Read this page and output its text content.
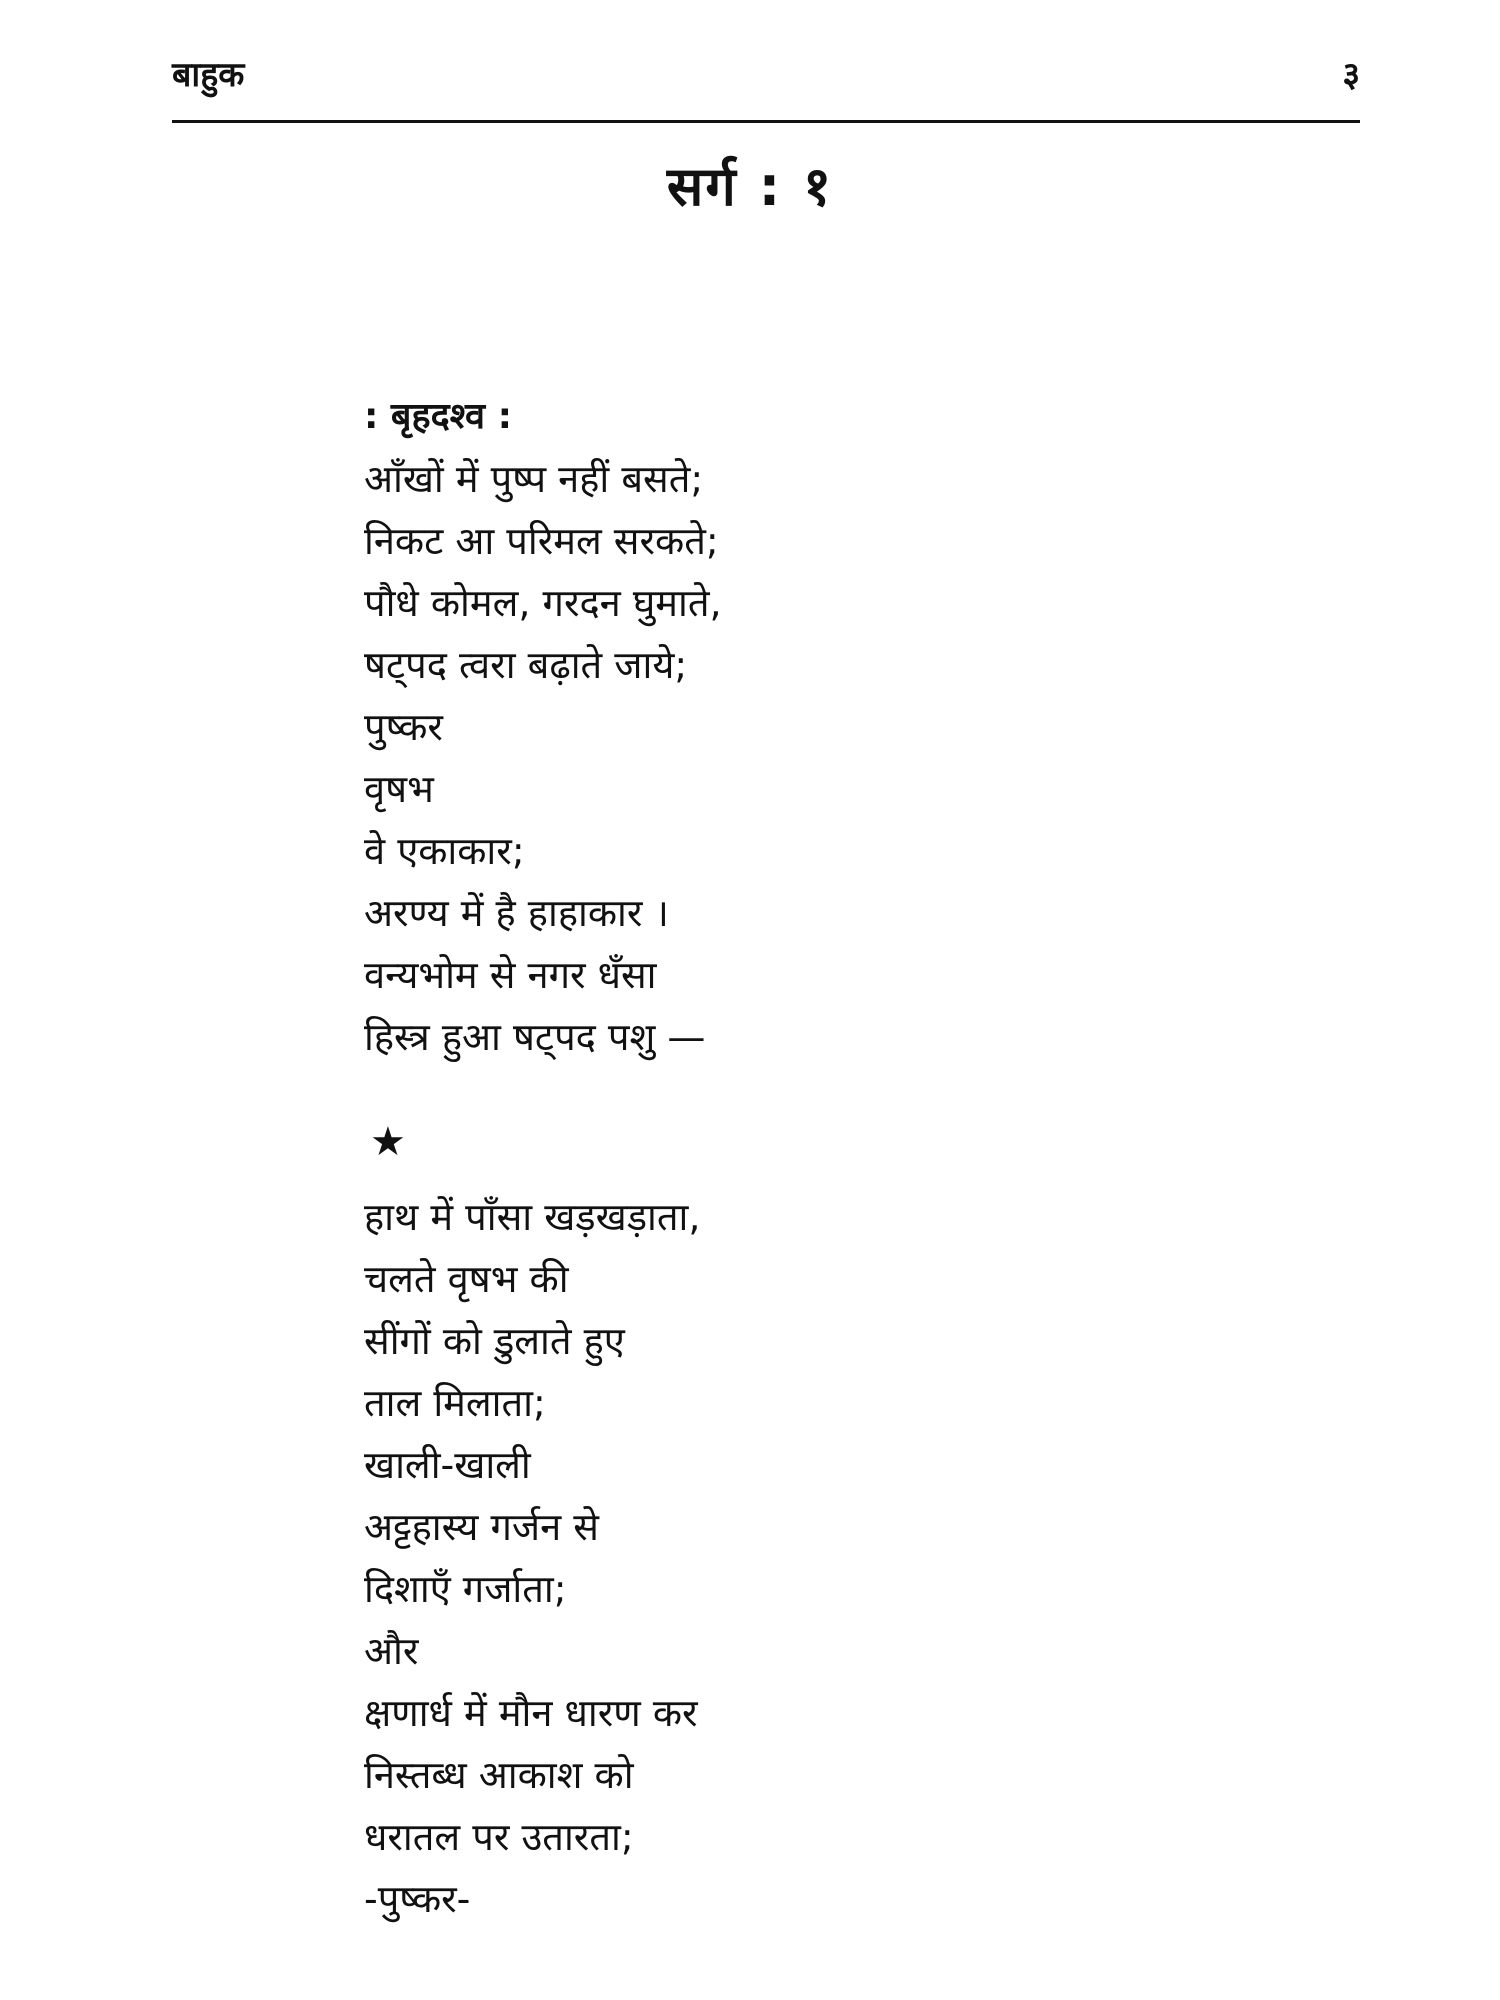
बाहुक	३
सर्ग : १
: बृहदश्व :
आँखों में पुष्प नहीं बसते;
निकट आ परिमल सरकते;
पौधे कोमल, गरदन घुमाते,
षट्पद त्वरा बढ़ाते जाये;
पुष्कर
वृषभ
वे एकाकार;
अरण्य में है हाहाकार ।
वन्यभोम से नगर धँसा
हिस्त्र हुआ षट्पद पशु —
★
हाथ में पाँसा खड़खड़ाता,
चलते वृषभ की
सींगों को डुलाते हुए
ताल मिलाता;
खाली-खाली
अट्टहास्य गर्जन से
दिशाएँ गर्जाता;
और
क्षणार्ध में मौन धारण कर
निस्तब्ध आकाश को
धरातल पर उतारता;
-पुष्कर-
